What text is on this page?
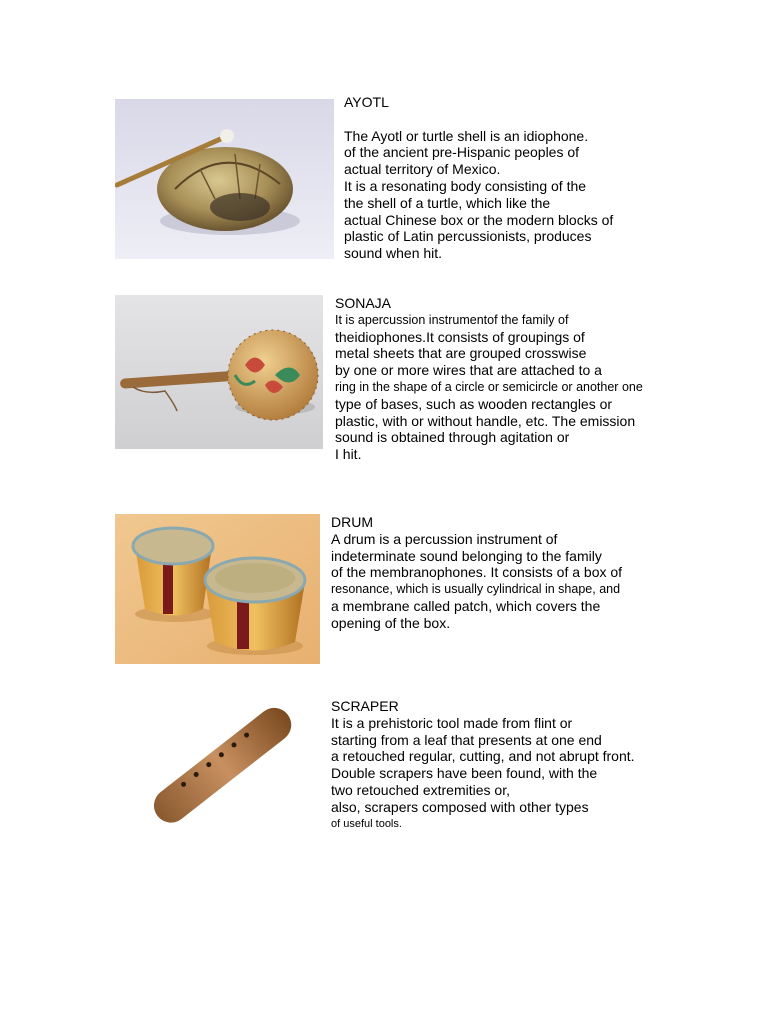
AYOTL
The Ayotl or turtle shell is an idiophone.
of the ancient pre-Hispanic peoples of
actual territory of Mexico.
It is a resonating body consisting of the
the shell of a turtle, which like the
actual Chinese box or the modern blocks of
plastic of Latin percussionists, produces
sound when hit.
SONAJA
It is apercussion instrumentof the family of
theidiophones.It consists of groupings of
metal sheets that are grouped crosswise
by one or more wires that are attached to a
ring in the shape of a circle or semicircle or another one
type of bases, such as wooden rectangles or
plastic, with or without handle, etc. The emission
sound is obtained through agitation or
I hit.
DRUM
A drum is a percussion instrument of
indeterminate sound belonging to the family
of the membranophones. It consists of a box of
resonance, which is usually cylindrical in shape, and
a membrane called patch, which covers the
opening of the box.
SCRAPER
It is a prehistoric tool made from flint or
starting from a leaf that presents at one end
a retouched regular, cutting, and not abrupt front.
Double scrapers have been found, with the
two retouched extremities or,
also, scrapers composed with other types
of useful tools.
